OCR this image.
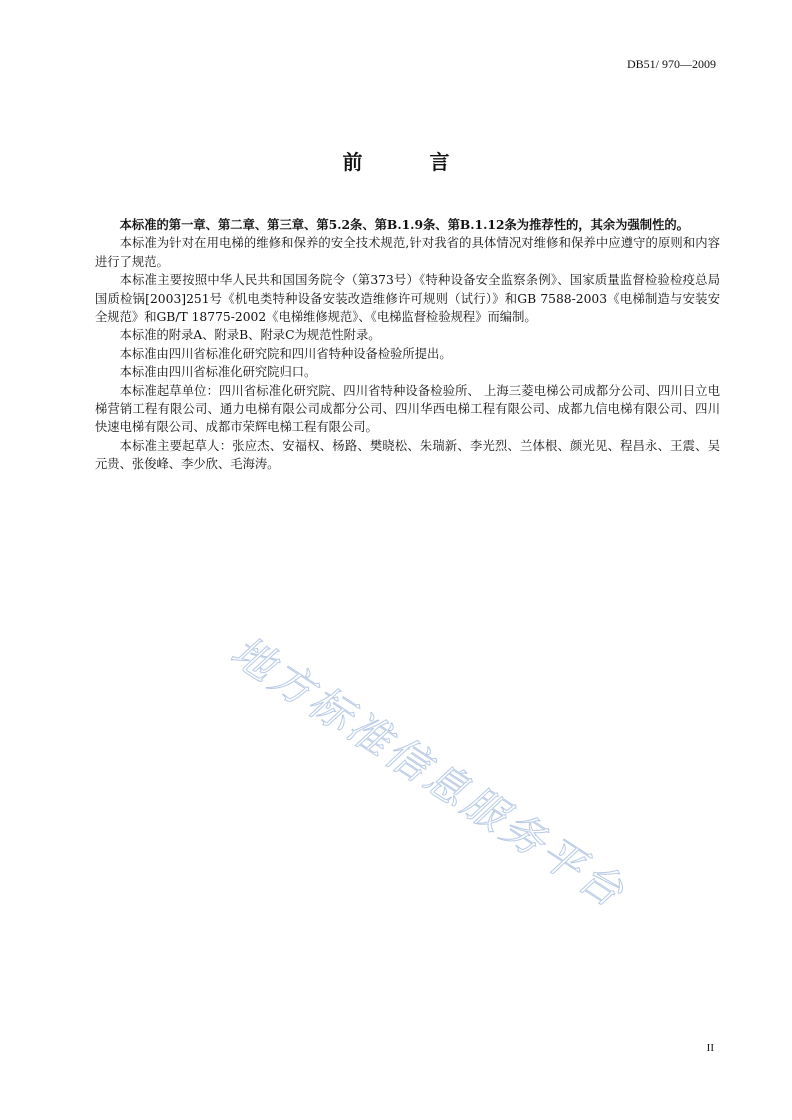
DB51/ 970—2009
前 言

本标准的第一章、第二章、第三章、第5.2条、第B.1.9条、第B.1.12条为推荐性的，其余为强制性的。

本标准为针对在用电梯的维修和保养的安全技术规范,针对我省的具体情况对维修和保养中应遵守的原则和内容进行了规范。

本标准主要按照中华人民共和国国务院令（第373号）《特种设备安全监察条例》、国家质量监督检验检疫总局 国质检锅[2003]251号《机电类特种设备安装改造维修许可规则（试行）》和GB 7588-2003《电梯制造与安装安全规范》和GB/T 18775-2002《电梯维修规范》、《电梯监督检验规程》而编制。

本标准的附录A、附录B、附录C为规范性附录。

本标准由四川省标准化研究院和四川省特种设备检验所提出。

本标准由四川省标准化研究院归口。

本标准起草单位：四川省标准化研究院、四川省特种设备检验所、 上海三菱电梯公司成都分公司、四川日立电梯营销工程有限公司、通力电梯有限公司成都分公司、四川华西电梯工程有限公司、成都九信电梯有限公司、四川快速电梯有限公司、成都市荣辉电梯工程有限公司。

本标准主要起草人：张应杰、安福权、杨路、樊晓松、朱瑞新、李光烈、兰体根、颜光见、程昌永、王震、吴元贵、张俊峰、李少欣、毛海涛。

地方标准信息服务平台
II
